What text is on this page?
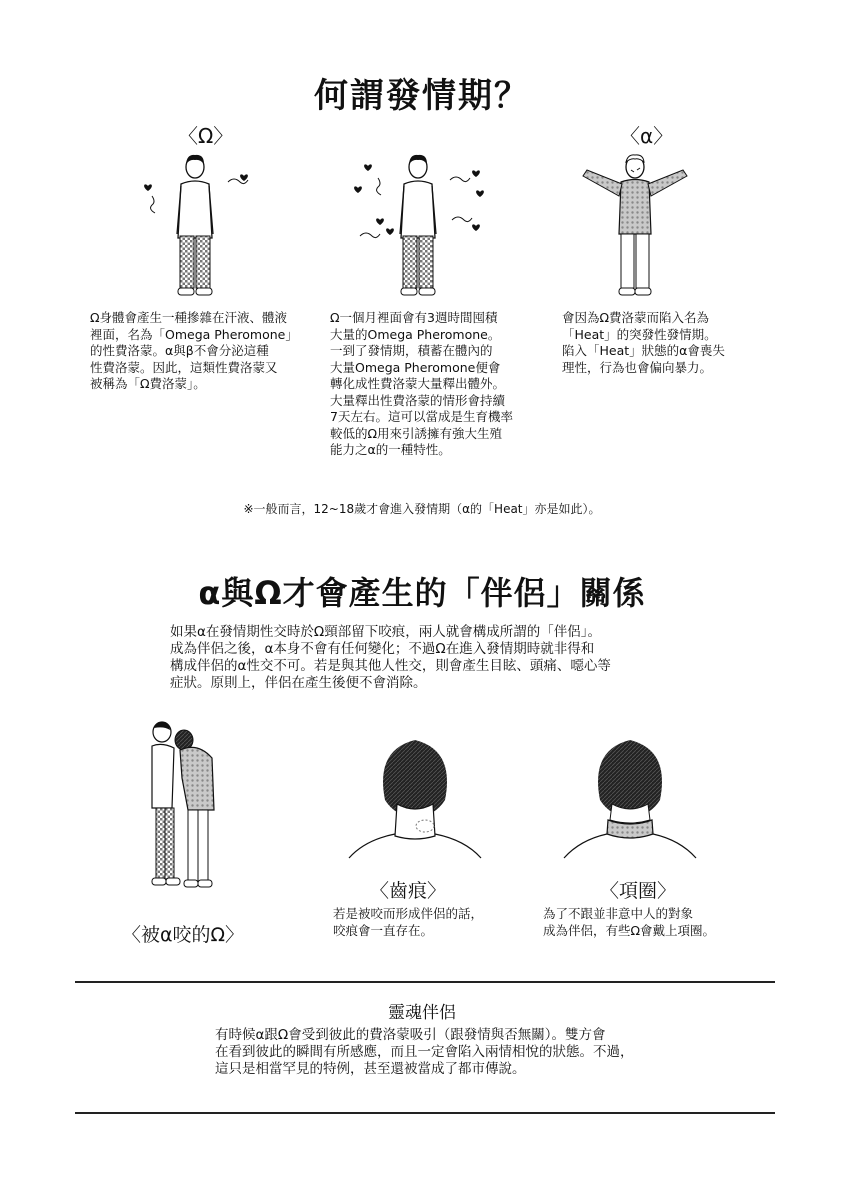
何謂發情期？
〈Ω〉	〈α〉
Ω身體會產生一種摻雜在汗液、體液
裡面，名為「Omega Pheromone」
的性費洛蒙。α與β不會分泌這種
性費洛蒙。因此，這類性費洛蒙又
被稱為「Ω費洛蒙」。
Ω一個月裡面會有3週時間囤積
大量的Omega Pheromone。
一到了發情期，積蓄在體內的
大量Omega Pheromone便會
轉化成性費洛蒙大量釋出體外。
大量釋出性費洛蒙的情形會持續
7天左右。這可以當成是生育機率
較低的Ω用來引誘擁有強大生殖
能力之α的一種特性。
會因為Ω費洛蒙而陷入名為
「Heat」的突發性發情期。
陷入「Heat」狀態的α會喪失
理性，行為也會偏向暴力。
※一般而言，12~18歲才會進入發情期（α的「Heat」亦是如此）。
α與Ω才會產生的「伴侶」關係
如果α在發情期性交時於Ω頸部留下咬痕，兩人就會構成所謂的「伴侶」。
成為伴侶之後，α本身不會有任何變化；不過Ω在進入發情期時就非得和
構成伴侶的α性交不可。若是與其他人性交，則會產生目眩、頭痛、噁心等
症狀。原則上，伴侶在產生後便不會消除。
〈被α咬的Ω〉
〈齒痕〉
若是被咬而形成伴侶的話，
咬痕會一直存在。
〈項圈〉
為了不跟並非意中人的對象
成為伴侶，有些Ω會戴上項圈。
靈魂伴侶
有時候α跟Ω會受到彼此的費洛蒙吸引（跟發情與否無關）。雙方會
在看到彼此的瞬間有所感應，而且一定會陷入兩情相悅的狀態。不過，
這只是相當罕見的特例，甚至還被當成了都市傳說。
